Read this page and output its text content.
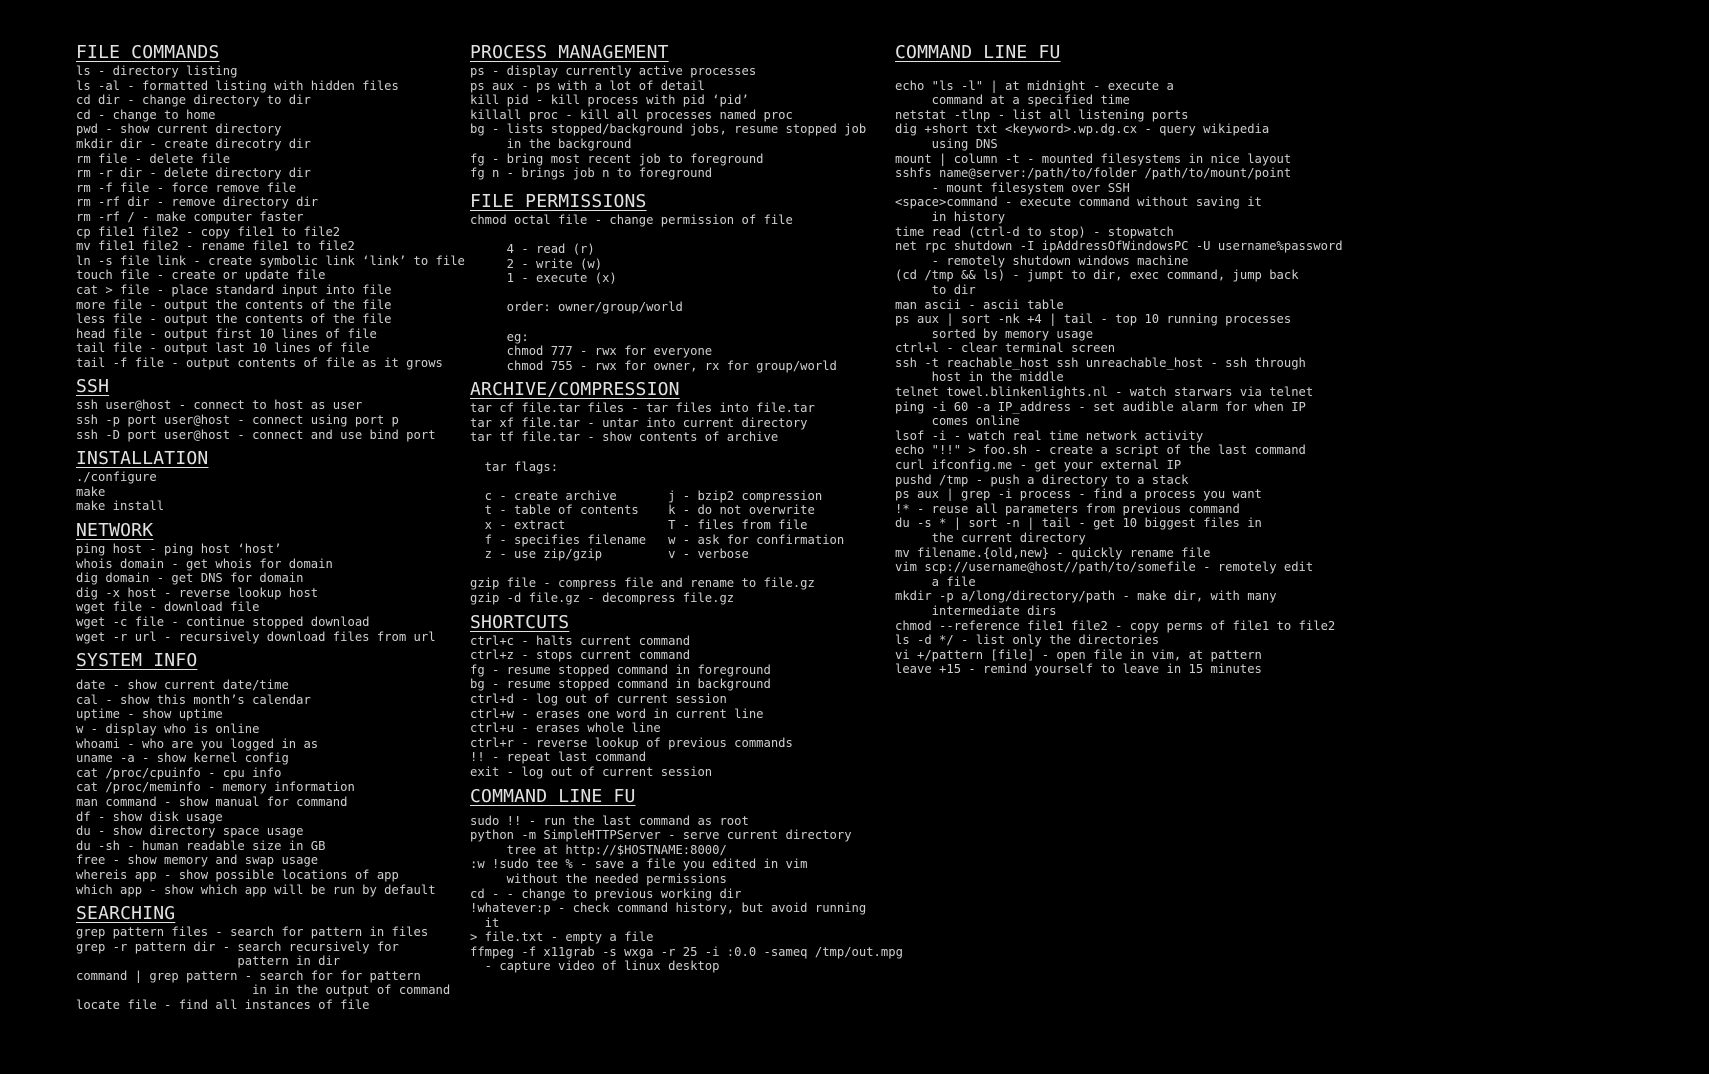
FILE COMMANDS
ls - directory listing
ls -al - formatted listing with hidden files
cd dir - change directory to dir
cd - change to home
pwd - show current directory
mkdir dir - create direcotry dir
rm file - delete file
rm -r dir - delete directory dir
rm -f file - force remove file
rm -rf dir - remove directory dir
rm -rf / - make computer faster
cp file1 file2 - copy file1 to file2
mv file1 file2 - rename file1 to file2
ln -s file link - create symbolic link ‘link’ to file
touch file - create or update file
cat > file - place standard input into file
more file - output the contents of the file
less file - output the contents of the file
head file - output first 10 lines of file
tail file - output last 10 lines of file
tail -f file - output contents of file as it grows
SSH
ssh user@host - connect to host as user
ssh -p port user@host - connect using port p
ssh -D port user@host - connect and use bind port
INSTALLATION
./configure
make
make install
NETWORK
ping host - ping host ‘host’
whois domain - get whois for domain
dig domain - get DNS for domain
dig -x host - reverse lookup host
wget file - download file
wget -c file - continue stopped download
wget -r url - recursively download files from url
SYSTEM INFO
date - show current date/time
cal - show this month’s calendar
uptime - show uptime
w - display who is online
whoami - who are you logged in as
uname -a - show kernel config
cat /proc/cpuinfo - cpu info
cat /proc/meminfo - memory information
man command - show manual for command
df - show disk usage
du - show directory space usage
du -sh - human readable size in GB
free - show memory and swap usage
whereis app - show possible locations of app
which app - show which app will be run by default
SEARCHING
grep pattern files - search for pattern in files
grep -r pattern dir - search recursively for
pattern in dir
command | grep pattern - search for for pattern
in in the output of command
locate file - find all instances of file
PROCESS MANAGEMENT
ps - display currently active processes
ps aux - ps with a lot of detail
kill pid - kill process with pid ‘pid’
killall proc - kill all processes named proc
bg - lists stopped/background jobs, resume stopped job
in the background
fg - bring most recent job to foreground
fg n - brings job n to foreground
FILE PERMISSIONS
chmod octal file - change permission of file

4 - read (r)
2 - write (w)
1 - execute (x)

order: owner/group/world

eg:
chmod 777 - rwx for everyone
chmod 755 - rwx for owner, rx for group/world
ARCHIVE/COMPRESSION
tar cf file.tar files - tar files into file.tar
tar xf file.tar - untar into current directory
tar tf file.tar - show contents of archive

tar flags:

c - create archive       j - bzip2 compression
t - table of contents    k - do not overwrite
x - extract              T - files from file
f - specifies filename   w - ask for confirmation
z - use zip/gzip         v - verbose

gzip file - compress file and rename to file.gz
gzip -d file.gz - decompress file.gz
SHORTCUTS
ctrl+c - halts current command
ctrl+z - stops current command
fg - resume stopped command in foreground
bg - resume stopped command in background
ctrl+d - log out of current session
ctrl+w - erases one word in current line
ctrl+u - erases whole line
ctrl+r - reverse lookup of previous commands
!! - repeat last command
exit - log out of current session
COMMAND LINE FU
sudo !! - run the last command as root
python -m SimpleHTTPServer - serve current directory
tree at http://$HOSTNAME:8000/
:w !sudo tee % - save a file you edited in vim
without the needed permissions
cd - - change to previous working dir
!whatever:p - check command history, but avoid running
it
> file.txt - empty a file
ffmpeg -f x11grab -s wxga -r 25 -i :0.0 -sameq /tmp/out.mpg
- capture video of linux desktop
COMMAND LINE FU

echo "ls -l" | at midnight - execute a
command at a specified time
netstat -tlnp - list all listening ports
dig +short txt <keyword>.wp.dg.cx - query wikipedia
using DNS
mount | column -t - mounted filesystems in nice layout
sshfs name@server:/path/to/folder /path/to/mount/point
- mount filesystem over SSH
<space>command - execute command without saving it
in history
time read (ctrl-d to stop) - stopwatch
net rpc shutdown -I ipAddressOfWindowsPC -U username%password
- remotely shutdown windows machine
(cd /tmp && ls) - jumpt to dir, exec command, jump back
to dir
man ascii - ascii table
ps aux | sort -nk +4 | tail - top 10 running processes
sorted by memory usage
ctrl+l - clear terminal screen
ssh -t reachable_host ssh unreachable_host - ssh through
host in the middle
telnet towel.blinkenlights.nl - watch starwars via telnet
ping -i 60 -a IP_address - set audible alarm for when IP
comes online
lsof -i - watch real time network activity
echo "!!" > foo.sh - create a script of the last command
curl ifconfig.me - get your external IP
pushd /tmp - push a directory to a stack
ps aux | grep -i process - find a process you want
!* - reuse all parameters from previous command
du -s * | sort -n | tail - get 10 biggest files in
the current directory
mv filename.{old,new} - quickly rename file
vim scp://username@host//path/to/somefile - remotely edit
a file
mkdir -p a/long/directory/path - make dir, with many
intermediate dirs
chmod --reference file1 file2 - copy perms of file1 to file2
ls -d */ - list only the directories
vi +/pattern [file] - open file in vim, at pattern
leave +15 - remind yourself to leave in 15 minutes
